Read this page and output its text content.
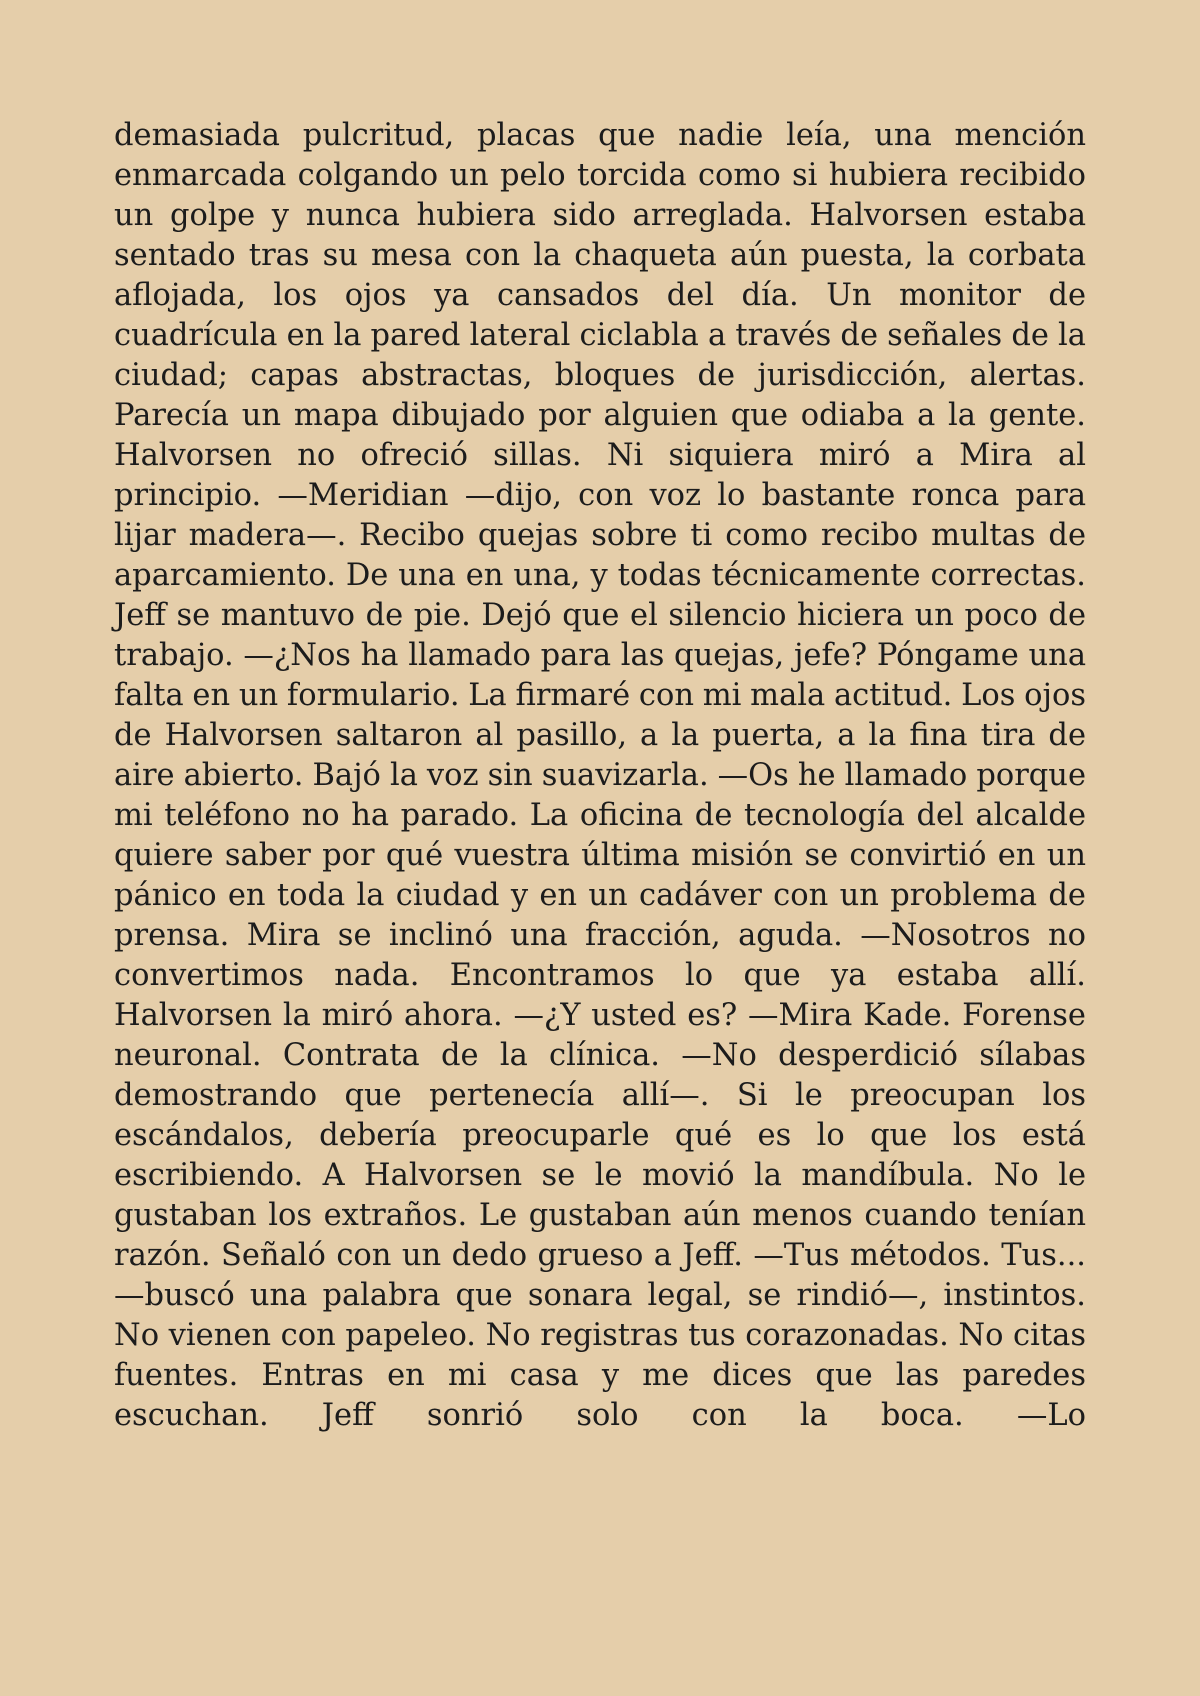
demasiada pulcritud, placas que nadie leía, una mención enmarcada colgando un pelo torcida como si hubiera recibido un golpe y nunca hubiera sido arreglada. Halvorsen estaba sentado tras su mesa con la chaqueta aún puesta, la corbata aflojada, los ojos ya cansados del día. Un monitor de cuadrícula en la pared lateral ciclabla a través de señales de la ciudad; capas abstractas, bloques de jurisdicción, alertas. Parecía un mapa dibujado por alguien que odiaba a la gente. Halvorsen no ofreció sillas. Ni siquiera miró a Mira al principio. —Meridian —dijo, con voz lo bastante ronca para lijar madera—. Recibo quejas sobre ti como recibo multas de aparcamiento. De una en una, y todas técnicamente correctas. Jeff se mantuvo de pie. Dejó que el silencio hiciera un poco de trabajo. —¿Nos ha llamado para las quejas, jefe? Póngame una falta en un formulario. La firmaré con mi mala actitud. Los ojos de Halvorsen saltaron al pasillo, a la puerta, a la fina tira de aire abierto. Bajó la voz sin suavizarla. —Os he llamado porque mi teléfono no ha parado. La oficina de tecnología del alcalde quiere saber por qué vuestra última misión se convirtió en un pánico en toda la ciudad y en un cadáver con un problema de prensa. Mira se inclinó una fracción, aguda. —Nosotros no convertimos nada. Encontramos lo que ya estaba allí. Halvorsen la miró ahora. —¿Y usted es? —Mira Kade. Forense neuronal. Contrata de la clínica. —No desperdició sílabas demostrando que pertenecía allí—. Si le preocupan los escándalos, debería preocuparle qué es lo que los está escribiendo. A Halvorsen se le movió la mandíbula. No le gustaban los extraños. Le gustaban aún menos cuando tenían razón. Señaló con un dedo grueso a Jeff. —Tus métodos. Tus... —buscó una palabra que sonara legal, se rindió—, instintos. No vienen con papeleo. No registras tus corazonadas. No citas fuentes. Entras en mi casa y me dices que las paredes escuchan. Jeff sonrió solo con la boca. —Lo
